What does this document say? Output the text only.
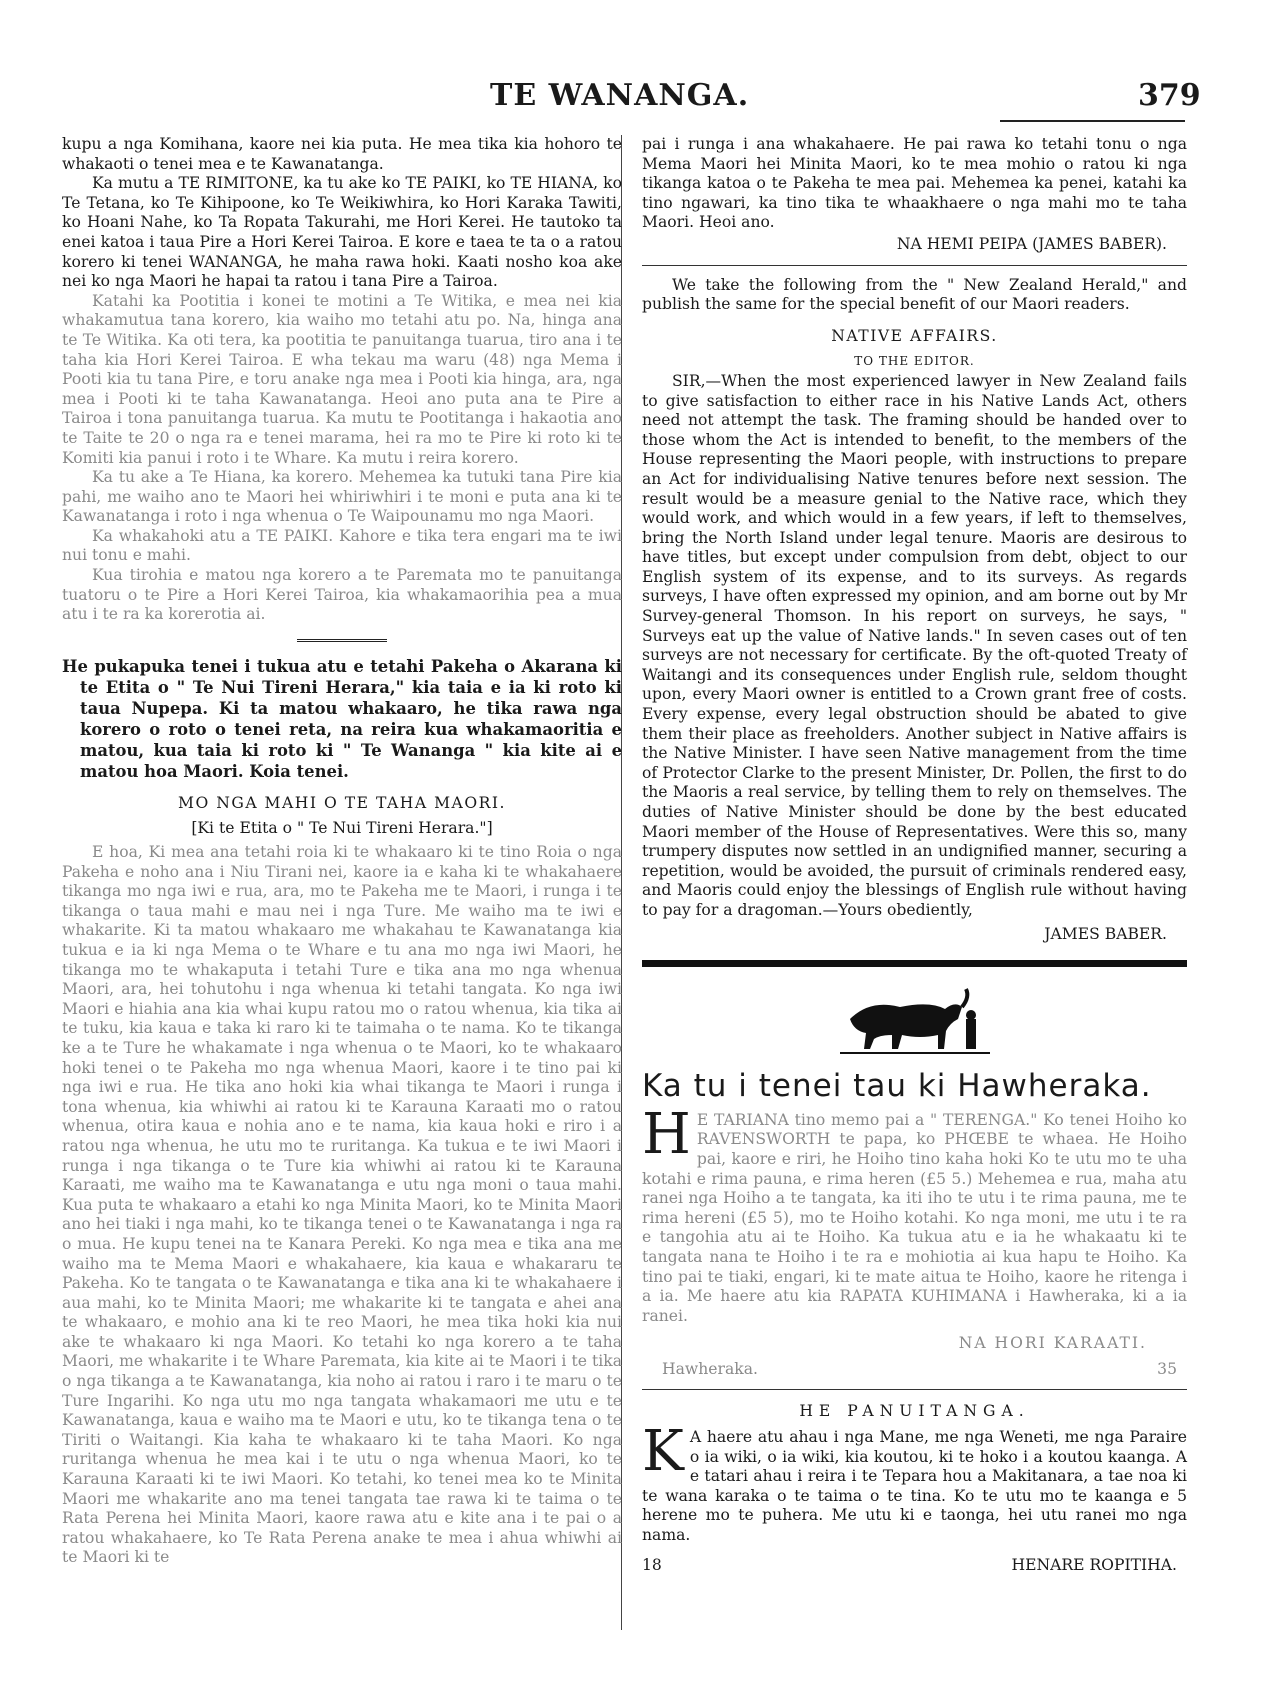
TE WANANGA.	379

kupu a nga Komihana, kaore nei kia puta. He mea tika kia hohoro te whakaoti o tenei mea e te Kawanatanga.

Ka mutu a TE RIMITONE, ka tu ake ko TE PAIKI, ko TE HIANA, ko Te Tetana, ko Te Kihipoone, ko Te Weikiwhira, ko Hori Karaka Tawiti, ko Hoani Nahe, ko Ta Ropata Takurahi, me Hori Kerei. He tautoko ta enei katoa i taua Pire a Hori Kerei Tairoa. E kore e taea te ta o a ratou korero ki tenei WANANGA, he maha rawa hoki. Kaati nosho koa ake nei ko nga Maori he hapai ta ratou i tana Pire a Tairoa.

Katahi ka Pootitia i konei te motini a Te Witika, e mea nei kia whakamutua tana korero, kia waiho mo tetahi atu po. Na, hinga ana te Te Witika. Ka oti tera, ka pootitia te panuitanga tuarua, tiro ana i te taha kia Hori Kerei Tairoa. E wha tekau ma waru (48) nga Mema i Pooti kia tu tana Pire, e toru anake nga mea i Pooti kia hinga, ara, nga mea i Pooti ki te taha Kawanatanga. Heoi ano puta ana te Pire a Tairoa i tona panuitanga tuarua. Ka mutu te Pootitanga i hakaotia ano te Taite te 20 o nga ra e tenei marama, hei ra mo te Pire ki roto ki te Komiti kia panui i roto i te Whare. Ka mutu i reira korero.

Ka tu ake a Te Hiana, ka korero. Mehemea ka tutuki tana Pire kia pahi, me waiho ano te Maori hei whiriwhiri i te moni e puta ana ki te Kawanatanga i roto i nga whenua o Te Waipounamu mo nga Maori.

Ka whakahoki atu a TE PAIKI. Kahore e tika tera engari ma te iwi nui tonu e mahi.

Kua tirohia e matou nga korero a te Paremata mo te panuitanga tuatoru o te Pire a Hori Kerei Tairoa, kia whakamaorihia pea a mua atu i te ra ka korerotia ai.

He pukapuka tenei i tukua atu e tetahi Pakeha o Akarana ki te Etita o " Te Nui Tireni Herara," kia taia e ia ki roto ki taua Nupepa. Ki ta matou whakaaro, he tika rawa nga korero o roto o tenei reta, na reira kua whakamaoritia e matou, kua taia ki roto ki " Te Wananga " kia kite ai e matou hoa Maori. Koia tenei.

MO NGA MAHI O TE TAHA MAORI.
[Ki te Etita o " Te Nui Tireni Herara."]

E hoa, Ki mea ana tetahi roia ki te whakaaro ki te tino Roia o nga Pakeha e noho ana i Niu Tirani nei, kaore ia e kaha ki te whakahaere tikanga mo nga iwi e rua, ara, mo te Pakeha me te Maori, i runga i te tikanga o taua mahi e mau nei i nga Ture. Me waiho ma te iwi e whakarite. Ki ta matou whakaaro me whakahau te Kawanatanga kia tukua e ia ki nga Mema o te Whare e tu ana mo nga iwi Maori, he tikanga mo te whakaputa i tetahi Ture e tika ana mo nga whenua Maori, ara, hei tohutohu i nga whenua ki tetahi tangata. Ko nga iwi Maori e hiahia ana kia whai kupu ratou mo o ratou whenua, kia tika ai te tuku, kia kaua e taka ki raro ki te taimaha o te nama. Ko te tikanga ke a te Ture he whakamate i nga whenua o te Maori, ko te whakaaro hoki tenei o te Pakeha mo nga whenua Maori, kaore i te tino pai ki nga iwi e rua. He tika ano hoki kia whai tikanga te Maori i runga i tona whenua, kia whiwhi ai ratou ki te Karauna Karaati mo o ratou whenua, otira kaua e nohia ano e te nama, kia kaua hoki e riro i a ratou nga whenua, he utu mo te ruritanga. Ka tukua e te iwi Maori i runga i nga tikanga o te Ture kia whiwhi ai ratou ki te Karauna Karaati, me waiho ma te Kawanatanga e utu nga moni o taua mahi. Kua puta te whakaaro a etahi ko nga Minita Maori, ko te Minita Maori ano hei tiaki i nga mahi, ko te tikanga tenei o te Kawanatanga i nga ra o mua. He kupu tenei na te Kanara Pereki. Ko nga mea e tika ana me waiho ma te Mema Maori e whakahaere, kia kaua e whakararu te Pakeha. Ko te tangata o te Kawanatanga e tika ana ki te whakahaere i aua mahi, ko te Minita Maori; me whakarite ki te tangata e ahei ana te whakaaro, e mohio ana ki te reo Maori, he mea tika hoki kia nui ake te whakaaro ki nga Maori. Ko tetahi ko nga korero a te taha Maori, me whakarite i te Whare Paremata, kia kite ai te Maori i te tika o nga tikanga a te Kawanatanga, kia noho ai ratou i raro i te maru o te Ture Ingarihi. Ko nga utu mo nga tangata whakamaori me utu e te Kawanatanga, kaua e waiho ma te Maori e utu, ko te tikanga tena o te Tiriti o Waitangi. Kia kaha te whakaaro ki te taha Maori. Ko nga ruritanga whenua he mea kai i te utu o nga whenua Maori, ko te Karauna Karaati ki te iwi Maori. Ko tetahi, ko tenei mea ko te Minita Maori me whakarite ano ma tenei tangata tae rawa ki te taima o te Rata Perena hei Minita Maori, kaore rawa atu e kite ana i te pai o a ratou whakahaere, ko Te Rata Perena anake te mea i ahua whiwhi ai te Maori ki te

pai i runga i ana whakahaere. He pai rawa ko tetahi tonu o nga Mema Maori hei Minita Maori, ko te mea mohio o ratou ki nga tikanga katoa o te Pakeha te mea pai. Mehemea ka penei, katahi ka tino ngawari, ka tino tika te whaakhaere o nga mahi mo te taha Maori. Heoi ano.

NA HEMI PEIPA (JAMES BABER).

We take the following from the " New Zealand Herald," and publish the same for the special benefit of our Maori readers.

NATIVE AFFAIRS.
TO THE EDITOR.

SIR,—When the most experienced lawyer in New Zealand fails to give satisfaction to either race in his Native Lands Act, others need not attempt the task. The framing should be handed over to those whom the Act is intended to benefit, to the members of the House representing the Maori people, with instructions to prepare an Act for individualising Native tenures before next session. The result would be a measure genial to the Native race, which they would work, and which would in a few years, if left to themselves, bring the North Island under legal tenure. Maoris are desirous to have titles, but except under compulsion from debt, object to our English system of its expense, and to its surveys. As regards surveys, I have often expressed my opinion, and am borne out by Mr Survey-general Thomson. In his report on surveys, he says, " Surveys eat up the value of Native lands." In seven cases out of ten surveys are not necessary for certificate. By the oft-quoted Treaty of Waitangi and its consequences under English rule, seldom thought upon, every Maori owner is entitled to a Crown grant free of costs. Every expense, every legal obstruction should be abated to give them their place as freeholders. Another subject in Native affairs is the Native Minister. I have seen Native management from the time of Protector Clarke to the present Minister, Dr. Pollen, the first to do the Maoris a real service, by telling them to rely on themselves. The duties of Native Minister should be done by the best educated Maori member of the House of Representatives. Were this so, many trumpery disputes now settled in an undignified manner, securing a repetition, would be avoided, the pursuit of criminals rendered easy, and Maoris could enjoy the blessings of English rule without having to pay for a dragoman.—Yours obediently,

JAMES BABER.
Ka tu i tenei tau ki Hawheraka.

H E TARIANA tino memo pai a " TERENGA." Ko tenei Hoiho ko RAVENSWORTH te papa, ko PHŒBE te whaea. He Hoiho pai, kaore e riri, he Hoiho tino kaha hoki Ko te utu mo te uha kotahi e rima pauna, e rima heren (£5 5.) Mehemea e rua, maha atu ranei nga Hoiho a te tangata, ka iti iho te utu i te rima pauna, me te rima hereni (£5 5), mo te Hoiho kotahi. Ko nga moni, me utu i te ra e tangohia atu ai te Hoiho. Ka tukua atu e ia he whakaatu ki te tangata nana te Hoiho i te ra e mohiotia ai kua hapu te Hoiho. Ka tino pai te tiaki, engari, ki te mate aitua te Hoiho, kaore he ritenga i a ia. Me haere atu kia RAPATA KUHIMANA i Hawheraka, ki a ia ranei.

NA HORI KARAATI.
Hawheraka.	35
HE PANUITANGA.

K A haere atu ahau i nga Mane, me nga Weneti, me nga Paraire o ia wiki, o ia wiki, kia koutou, ki te hoko i a koutou kaanga. A e tatari ahau i reira i te Tepara hou a Makitanara, a tae noa ki te wana karaka o te taima o te tina. Ko te utu mo te kaanga e 5 herene mo te puhera. Me utu ki e taonga, hei utu ranei mo nga nama.

18	HENARE ROPITIHA.
